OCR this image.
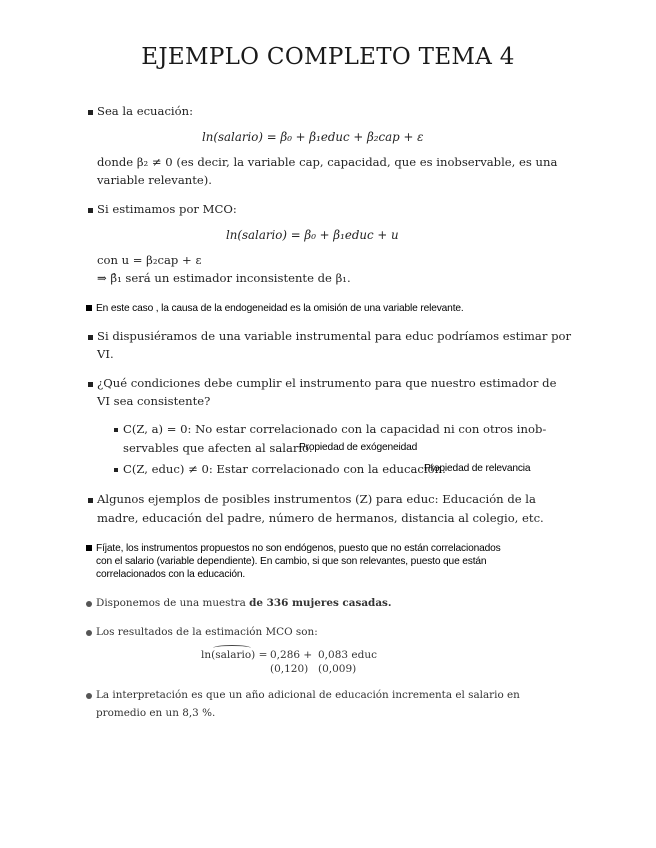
EJEMPLO COMPLETO TEMA 4
Sea la ecuación:
ln(salario) = β₀ + β₁educ + β₂cap + ε
donde β₂ ≠ 0 (es decir, la variable cap, capacidad, que es inobservable, es una
variable relevante).
Si estimamos por MCO:
ln(salario) = β₀ + β₁educ + u
con u = β₂cap + ε
⇒ β̂₁ será un estimador inconsistente de β₁.
En este caso , la causa de la endogeneidad es la omisión de una variable relevante.
Si dispusiéramos de una variable instrumental para educ podríamos estimar por
VI.
¿Qué condiciones debe cumplir el instrumento para que nuestro estimador de
VI sea consistente?
C(Z, a) = 0: No estar correlacionado con la capacidad ni con otros inob-
servables que afecten al salario.
Propiedad de exógeneidad
C(Z, educ) ≠ 0: Estar correlacionado con la educación.
Propiedad de relevancia
Algunos ejemplos de posibles instrumentos (Z) para educ: Educación de la
madre, educación del padre, número de hermanos, distancia al colegio, etc.
Fíjate, los instrumentos propuestos no son endógenos, puesto que no están correlacionados
con el salario (variable dependiente). En cambio, si que son relevantes, puesto que están
correlacionados con la educación.
Disponemos de una muestra de 336 mujeres casadas.
Los resultados de la estimación MCO son:
ln(salario) = 0,286 + 0,083 educ
(0,120) (0,009)
La interpretación es que un año adicional de educación incrementa el salario en
promedio en un 8,3 %.
